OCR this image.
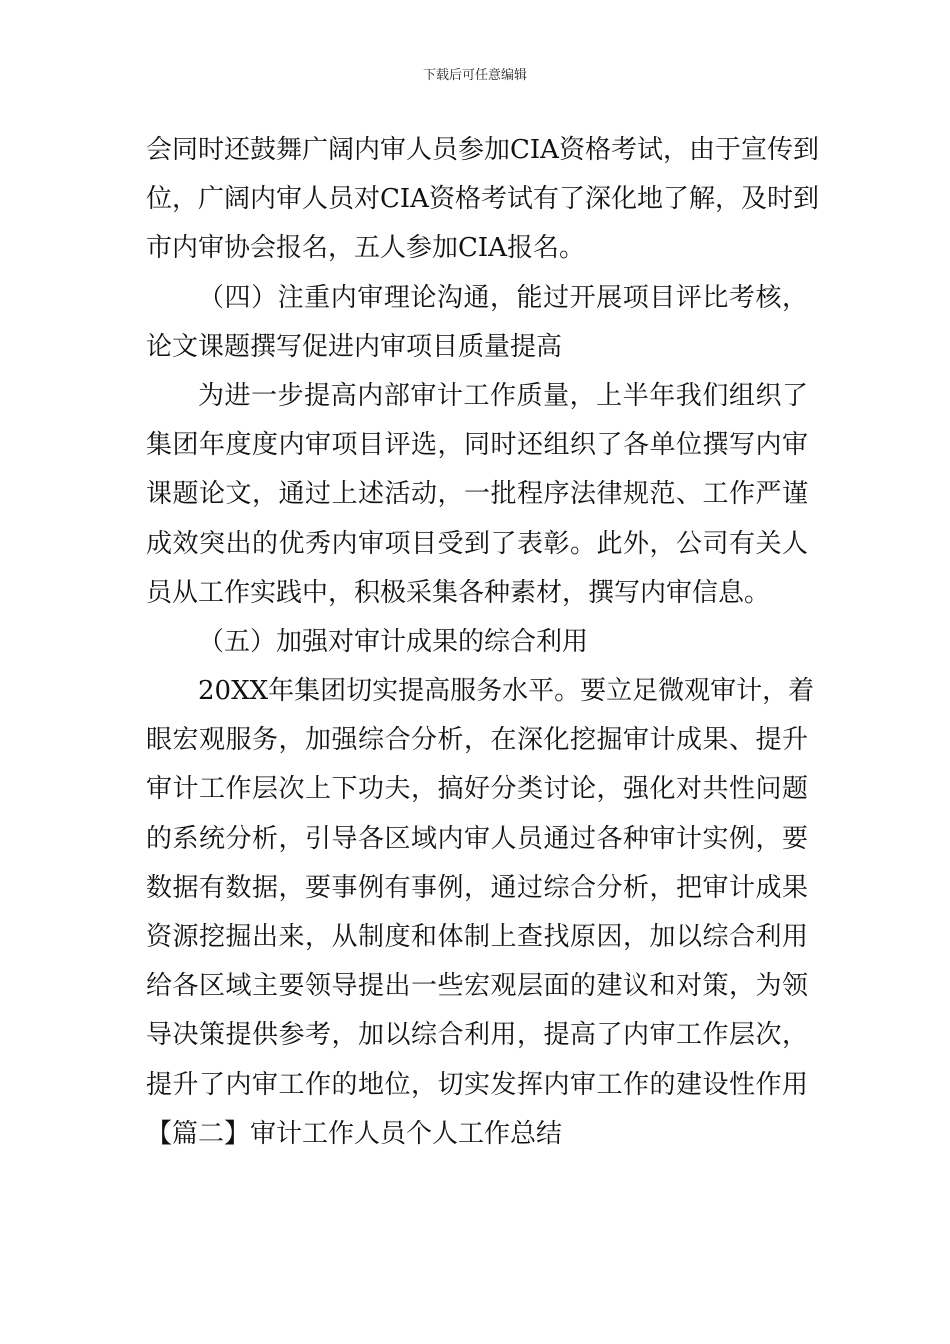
下载后可任意编辑
会同时还鼓舞广阔内审人员参加CIA资格考试，由于宣传到
位，广阔内审人员对CIA资格考试有了深化地了解，及时到
市内审协会报名，五人参加CIA报名。
（四）注重内审理论沟通，能过开展项目评比考核，
论文课题撰写促进内审项目质量提高
为进一步提高内部审计工作质量，上半年我们组织了
集团年度度内审项目评选，同时还组织了各单位撰写内审
课题论文，通过上述活动，一批程序法律规范、工作严谨
成效突出的优秀内审项目受到了表彰。此外，公司有关人
员从工作实践中，积极采集各种素材，撰写内审信息。
（五）加强对审计成果的综合利用
20XX年集团切实提高服务水平。要立足微观审计，着
眼宏观服务，加强综合分析，在深化挖掘审计成果、提升
审计工作层次上下功夫，搞好分类讨论，强化对共性问题
的系统分析，引导各区域内审人员通过各种审计实例，要
数据有数据，要事例有事例，通过综合分析，把审计成果
资源挖掘出来，从制度和体制上查找原因，加以综合利用
给各区域主要领导提出一些宏观层面的建议和对策，为领
导决策提供参考，加以综合利用，提高了内审工作层次，
提升了内审工作的地位，切实发挥内审工作的建设性作用
【篇二】审计工作人员个人工作总结
